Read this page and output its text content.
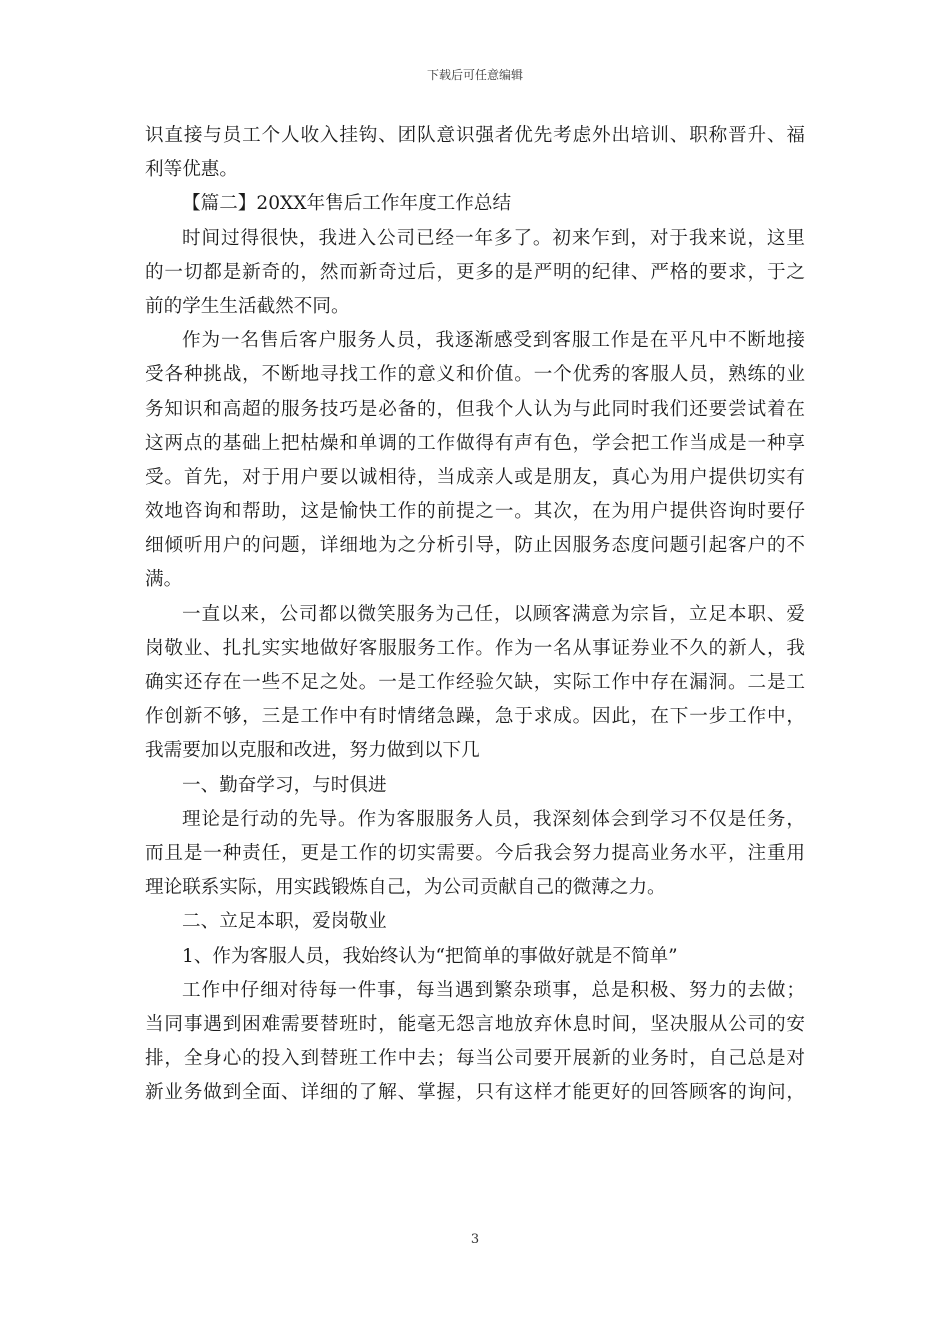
下载后可任意编辑
识直接与员工个人收入挂钩、团队意识强者优先考虑外出培训、职称晋升、福
利等优惠。
【篇二】20XX年售后工作年度工作总结
时间过得很快，我进入公司已经一年多了。初来乍到，对于我来说，这里
的一切都是新奇的，然而新奇过后，更多的是严明的纪律、严格的要求，于之
前的学生生活截然不同。
作为一名售后客户服务人员，我逐渐感受到客服工作是在平凡中不断地接
受各种挑战，不断地寻找工作的意义和价值。一个优秀的客服人员，熟练的业
务知识和高超的服务技巧是必备的，但我个人认为与此同时我们还要尝试着在
这两点的基础上把枯燥和单调的工作做得有声有色，学会把工作当成是一种享
受。首先，对于用户要以诚相待，当成亲人或是朋友，真心为用户提供切实有
效地咨询和帮助，这是愉快工作的前提之一。其次，在为用户提供咨询时要仔
细倾听用户的问题，详细地为之分析引导，防止因服务态度问题引起客户的不
满。
一直以来，公司都以微笑服务为己任，以顾客满意为宗旨，立足本职、爱
岗敬业、扎扎实实地做好客服服务工作。作为一名从事证券业不久的新人，我
确实还存在一些不足之处。一是工作经验欠缺，实际工作中存在漏洞。二是工
作创新不够，三是工作中有时情绪急躁，急于求成。因此，在下一步工作中，
我需要加以克服和改进，努力做到以下几
一、勤奋学习，与时俱进
理论是行动的先导。作为客服服务人员，我深刻体会到学习不仅是任务，
而且是一种责任，更是工作的切实需要。今后我会努力提高业务水平，注重用
理论联系实际，用实践锻炼自己，为公司贡献自己的微薄之力。
二、立足本职，爱岗敬业
1、作为客服人员，我始终认为“把简单的事做好就是不简单”
工作中仔细对待每一件事，每当遇到繁杂琐事，总是积极、努力的去做；
当同事遇到困难需要替班时，能毫无怨言地放弃休息时间，坚决服从公司的安
排，全身心的投入到替班工作中去；每当公司要开展新的业务时，自己总是对
新业务做到全面、详细的了解、掌握，只有这样才能更好的回答顾客的询问，
3
